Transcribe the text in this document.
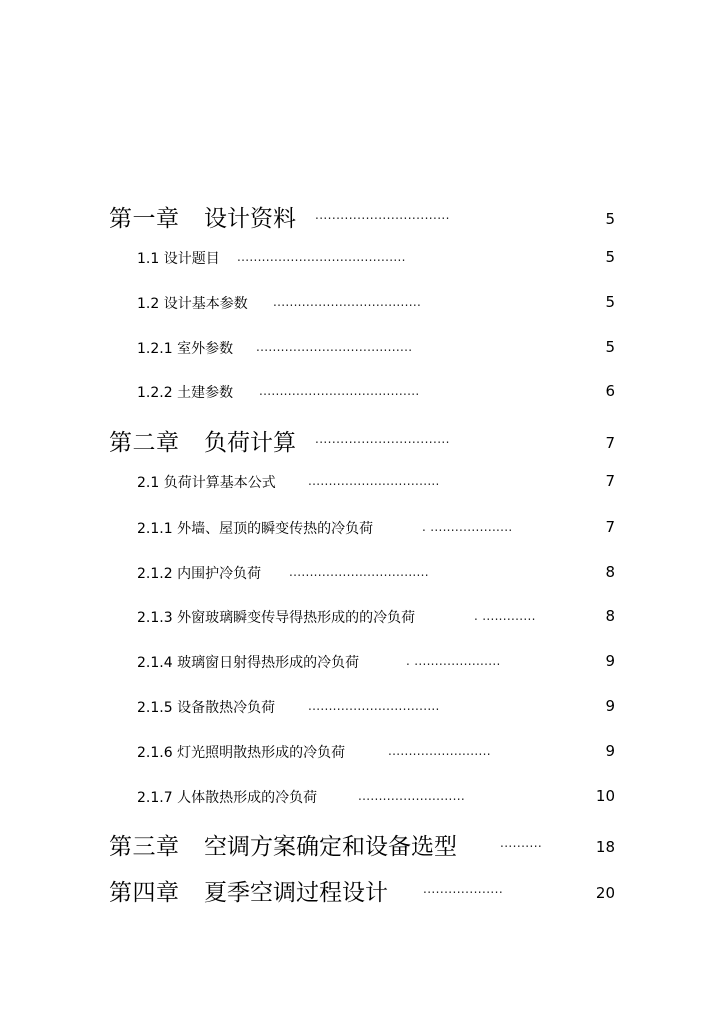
第一章 设计资料 ................................	5
1.1 设计题目 .........................................	5
1.2 设计基本参数 ....................................	5
1.2.1 室外参数 ......................................	5
1.2.2 土建参数 .......................................	6
第二章 负荷计算 ................................	7
2.1 负荷计算基本公式	................................	7
2.1.1 外墙、屋顶的瞬变传热的冷负荷	. ....................	7
2.1.2 内围护冷负荷 ..................................	8
2.1.3 外窗玻璃瞬变传导得热形成的的冷负荷	. .............	8
2.1.4 玻璃窗日射得热形成的冷负荷	. .....................	9
2.1.5 设备散热冷负荷	................................	9
2.1.6 灯光照明散热形成的冷负荷	.........................	9
2.1.7 人体散热形成的冷负荷	..........................	10
第三章 空调方案确定和设备选型	..........	18
第四章 夏季空调过程设计	...................	20
